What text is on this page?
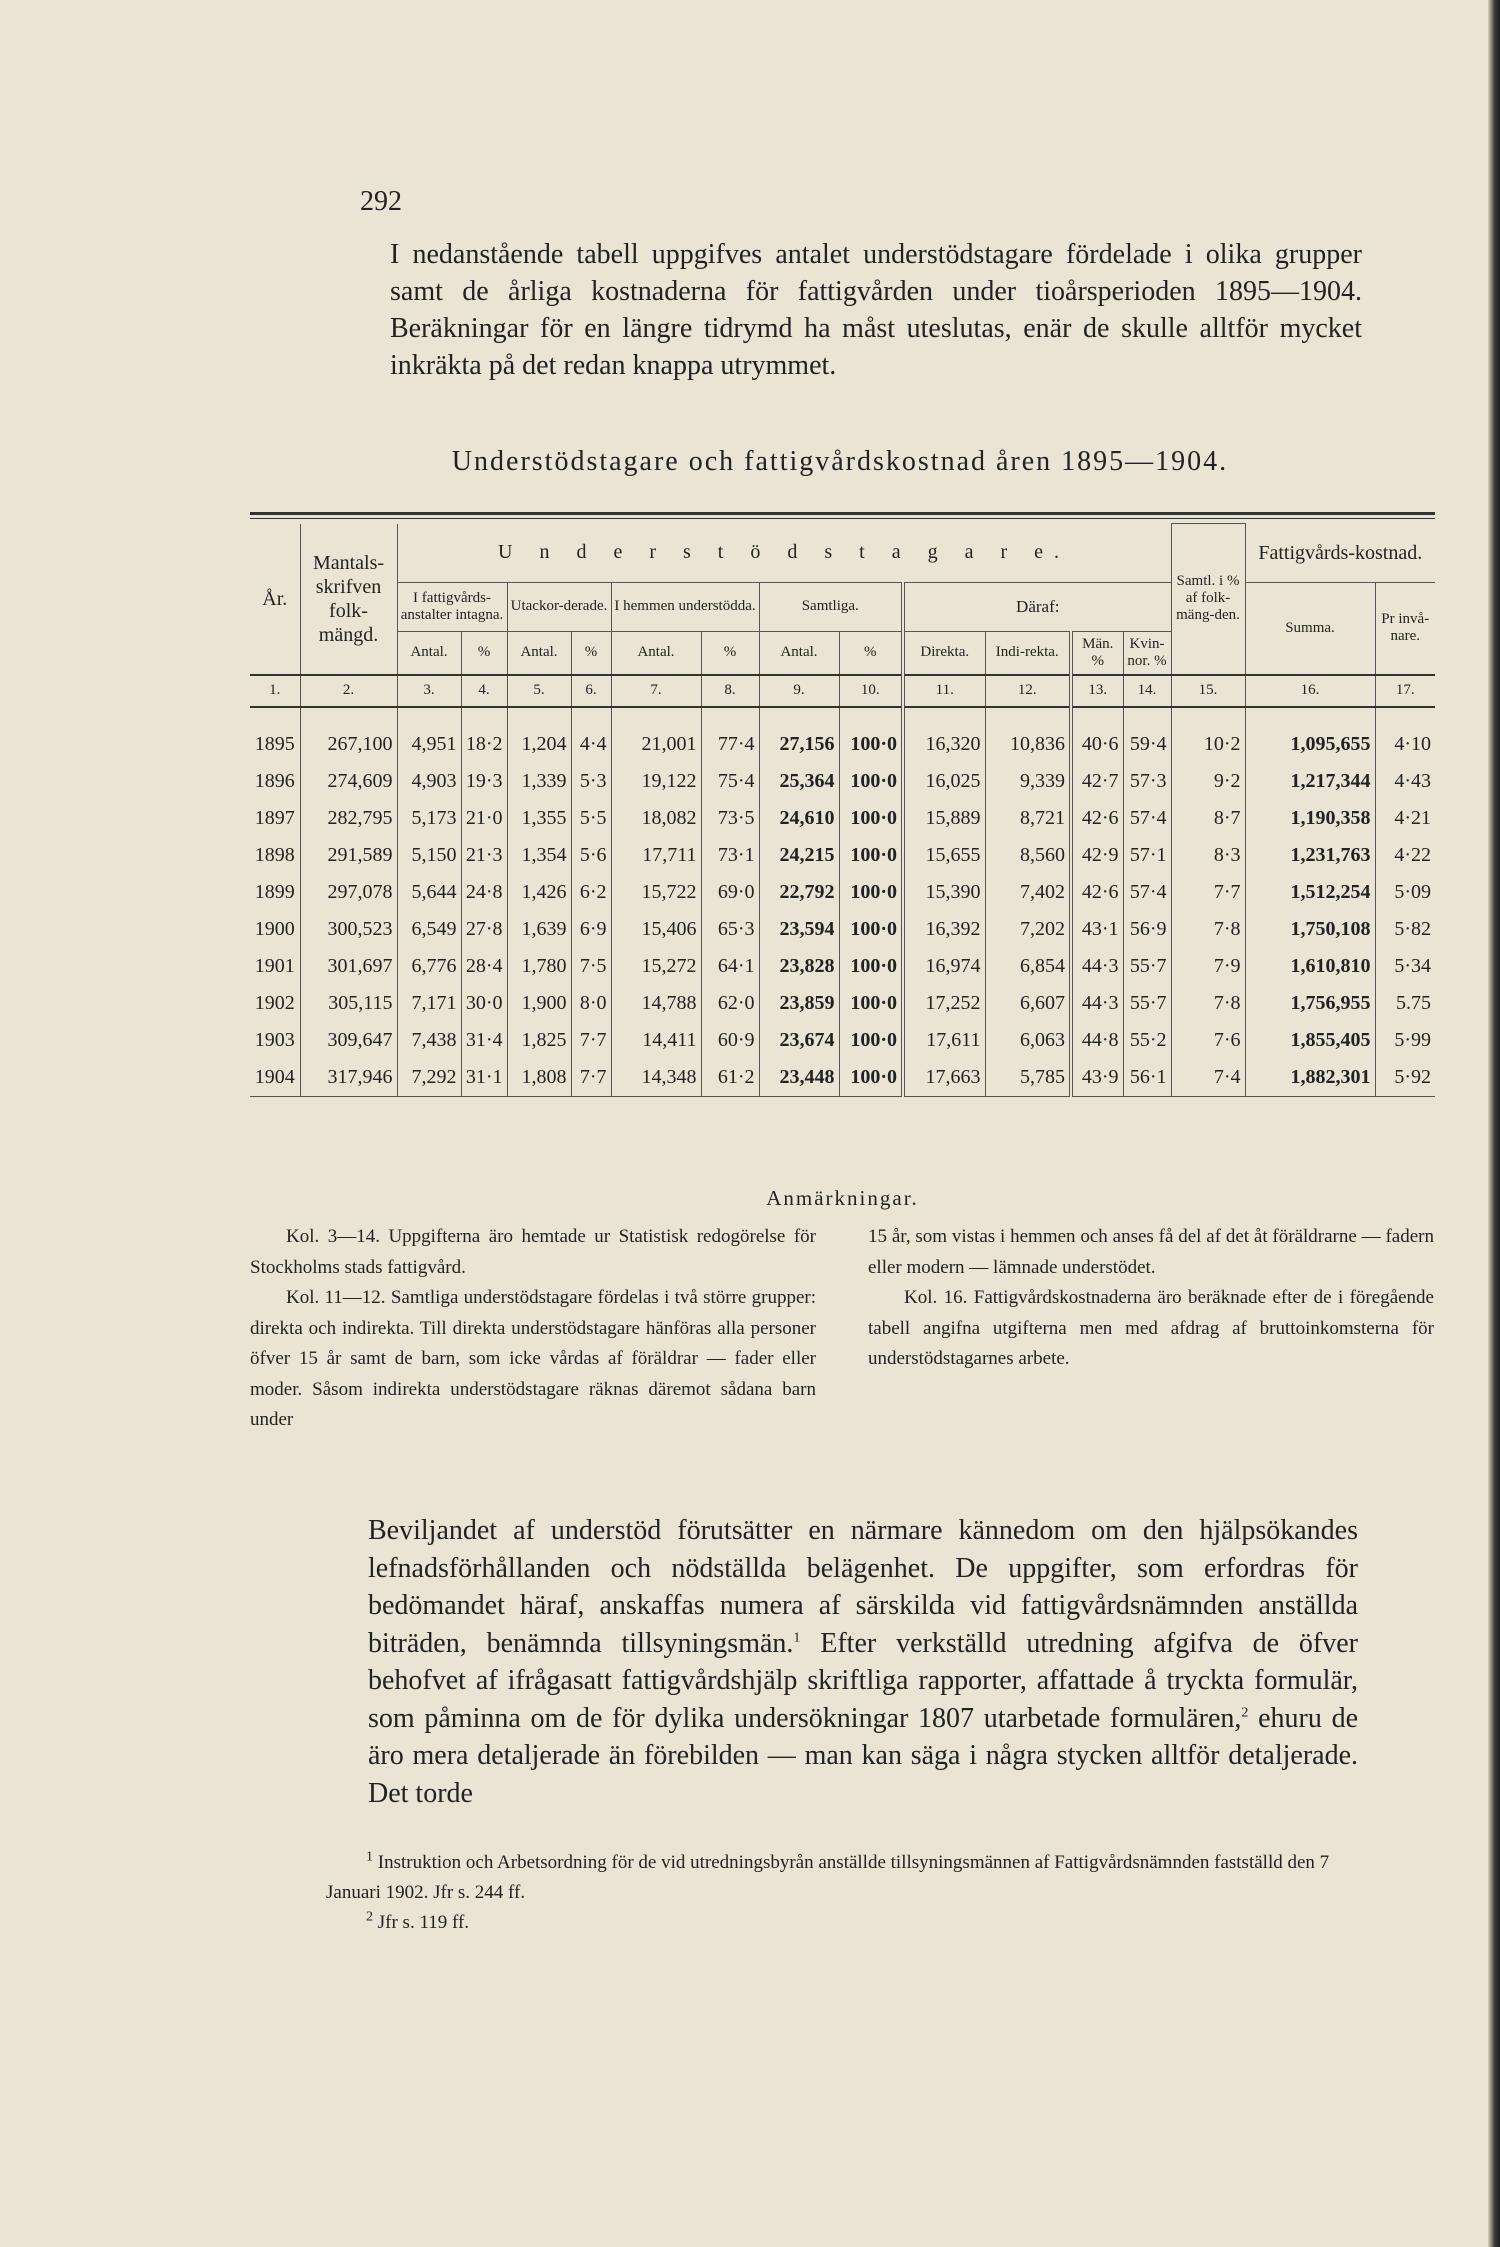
292

I nedanstående tabell uppgifves antalet understödstagare fördelade i olika grupper samt de årliga kostnaderna för fattigvården under tioårsperioden 1895—1904. Beräkningar för en längre tidrymd ha måst uteslutas, enär de skulle alltför mycket inkräkta på det redan knappa utrymmet.

Understödstagare och fattigvårdskostnad åren 1895—1904.

År.	Mantals-skrifven folk-mängd.	U n d e r s t ö d s t a g a r e.												Samtl. i % af folk-mäng-den.	Fattigvårds-kostnad.	
		I fattigvårds-anstalter intagna.		Utackor-derade.		I hemmen understödda.		Samtliga.		Däraf:					Summa.	Pr invå-nare.
		Antal.	%	Antal.	%	Antal.	%	Antal.	%	Direkta.	Indi-rekta.	Män. %	Kvin-nor. %			
1.	2.	3.	4.	5.	6.	7.	8.	9.	10.	11.	12.	13.	14.	15.	16.	17.
1895	267,100	4,951	18·2	1,204	4·4	21,001	77·4	27,156	100·0	16,320	10,836	40·6	59·4	10·2	1,095,655	4·10
1896	274,609	4,903	19·3	1,339	5·3	19,122	75·4	25,364	100·0	16,025	9,339	42·7	57·3	9·2	1,217,344	4·43
1897	282,795	5,173	21·0	1,355	5·5	18,082	73·5	24,610	100·0	15,889	8,721	42·6	57·4	8·7	1,190,358	4·21
1898	291,589	5,150	21·3	1,354	5·6	17,711	73·1	24,215	100·0	15,655	8,560	42·9	57·1	8·3	1,231,763	4·22
1899	297,078	5,644	24·8	1,426	6·2	15,722	69·0	22,792	100·0	15,390	7,402	42·6	57·4	7·7	1,512,254	5·09
1900	300,523	6,549	27·8	1,639	6·9	15,406	65·3	23,594	100·0	16,392	7,202	43·1	56·9	7·8	1,750,108	5·82
1901	301,697	6,776	28·4	1,780	7·5	15,272	64·1	23,828	100·0	16,974	6,854	44·3	55·7	7·9	1,610,810	5·34
1902	305,115	7,171	30·0	1,900	8·0	14,788	62·0	23,859	100·0	17,252	6,607	44·3	55·7	7·8	1,756,955	5.75
1903	309,647	7,438	31·4	1,825	7·7	14,411	60·9	23,674	100·0	17,611	6,063	44·8	55·2	7·6	1,855,405	5·99
1904	317,946	7,292	31·1	1,808	7·7	14,348	61·2	23,448	100·0	17,663	5,785	43·9	56·1	7·4	1,882,301	5·92

Anmärkningar.

Kol. 3—14. Uppgifterna äro hemtade ur Statistisk redogörelse för Stockholms stads fattigvård.

Kol. 11—12. Samtliga understödstagare fördelas i två större grupper: direkta och indirekta. Till direkta understödstagare hänföras alla personer öfver 15 år samt de barn, som icke vårdas af föräldrar — fader eller moder. Såsom indirekta understödstagare räknas däremot sådana barn under

15 år, som vistas i hemmen och anses få del af det åt föräldrarne — fadern eller modern — lämnade understödet.

Kol. 16. Fattigvårdskostnaderna äro beräknade efter de i föregående tabell angifna utgifterna men med afdrag af bruttoinkomsterna för understödstagarnes arbete.

Beviljandet af understöd förutsätter en närmare kännedom om den hjälpsökandes lefnadsförhållanden och nödställda belägenhet. De uppgifter, som erfordras för bedömandet häraf, anskaffas numera af särskilda vid fattigvårdsnämnden anställda biträden, benämnda tillsyningsmän.$^1$ Efter verkställd utredning afgifva de öfver behofvet af ifrågasatt fattigvårdshjälp skriftliga rapporter, affattade å tryckta formulär, som påminna om de för dylika undersökningar 1807 utarbetade formulären,$^2$ ehuru de äro mera detaljerade än förebilden — man kan säga i några stycken alltför detaljerade. Det torde

$^1$ Instruktion och Arbetsordning för de vid utredningsbyrån anställde tillsyningsmännen af Fattigvårdsnämnden fastställd den 7 Januari 1902. Jfr s. 244 ff.

$^2$ Jfr s. 119 ff.
